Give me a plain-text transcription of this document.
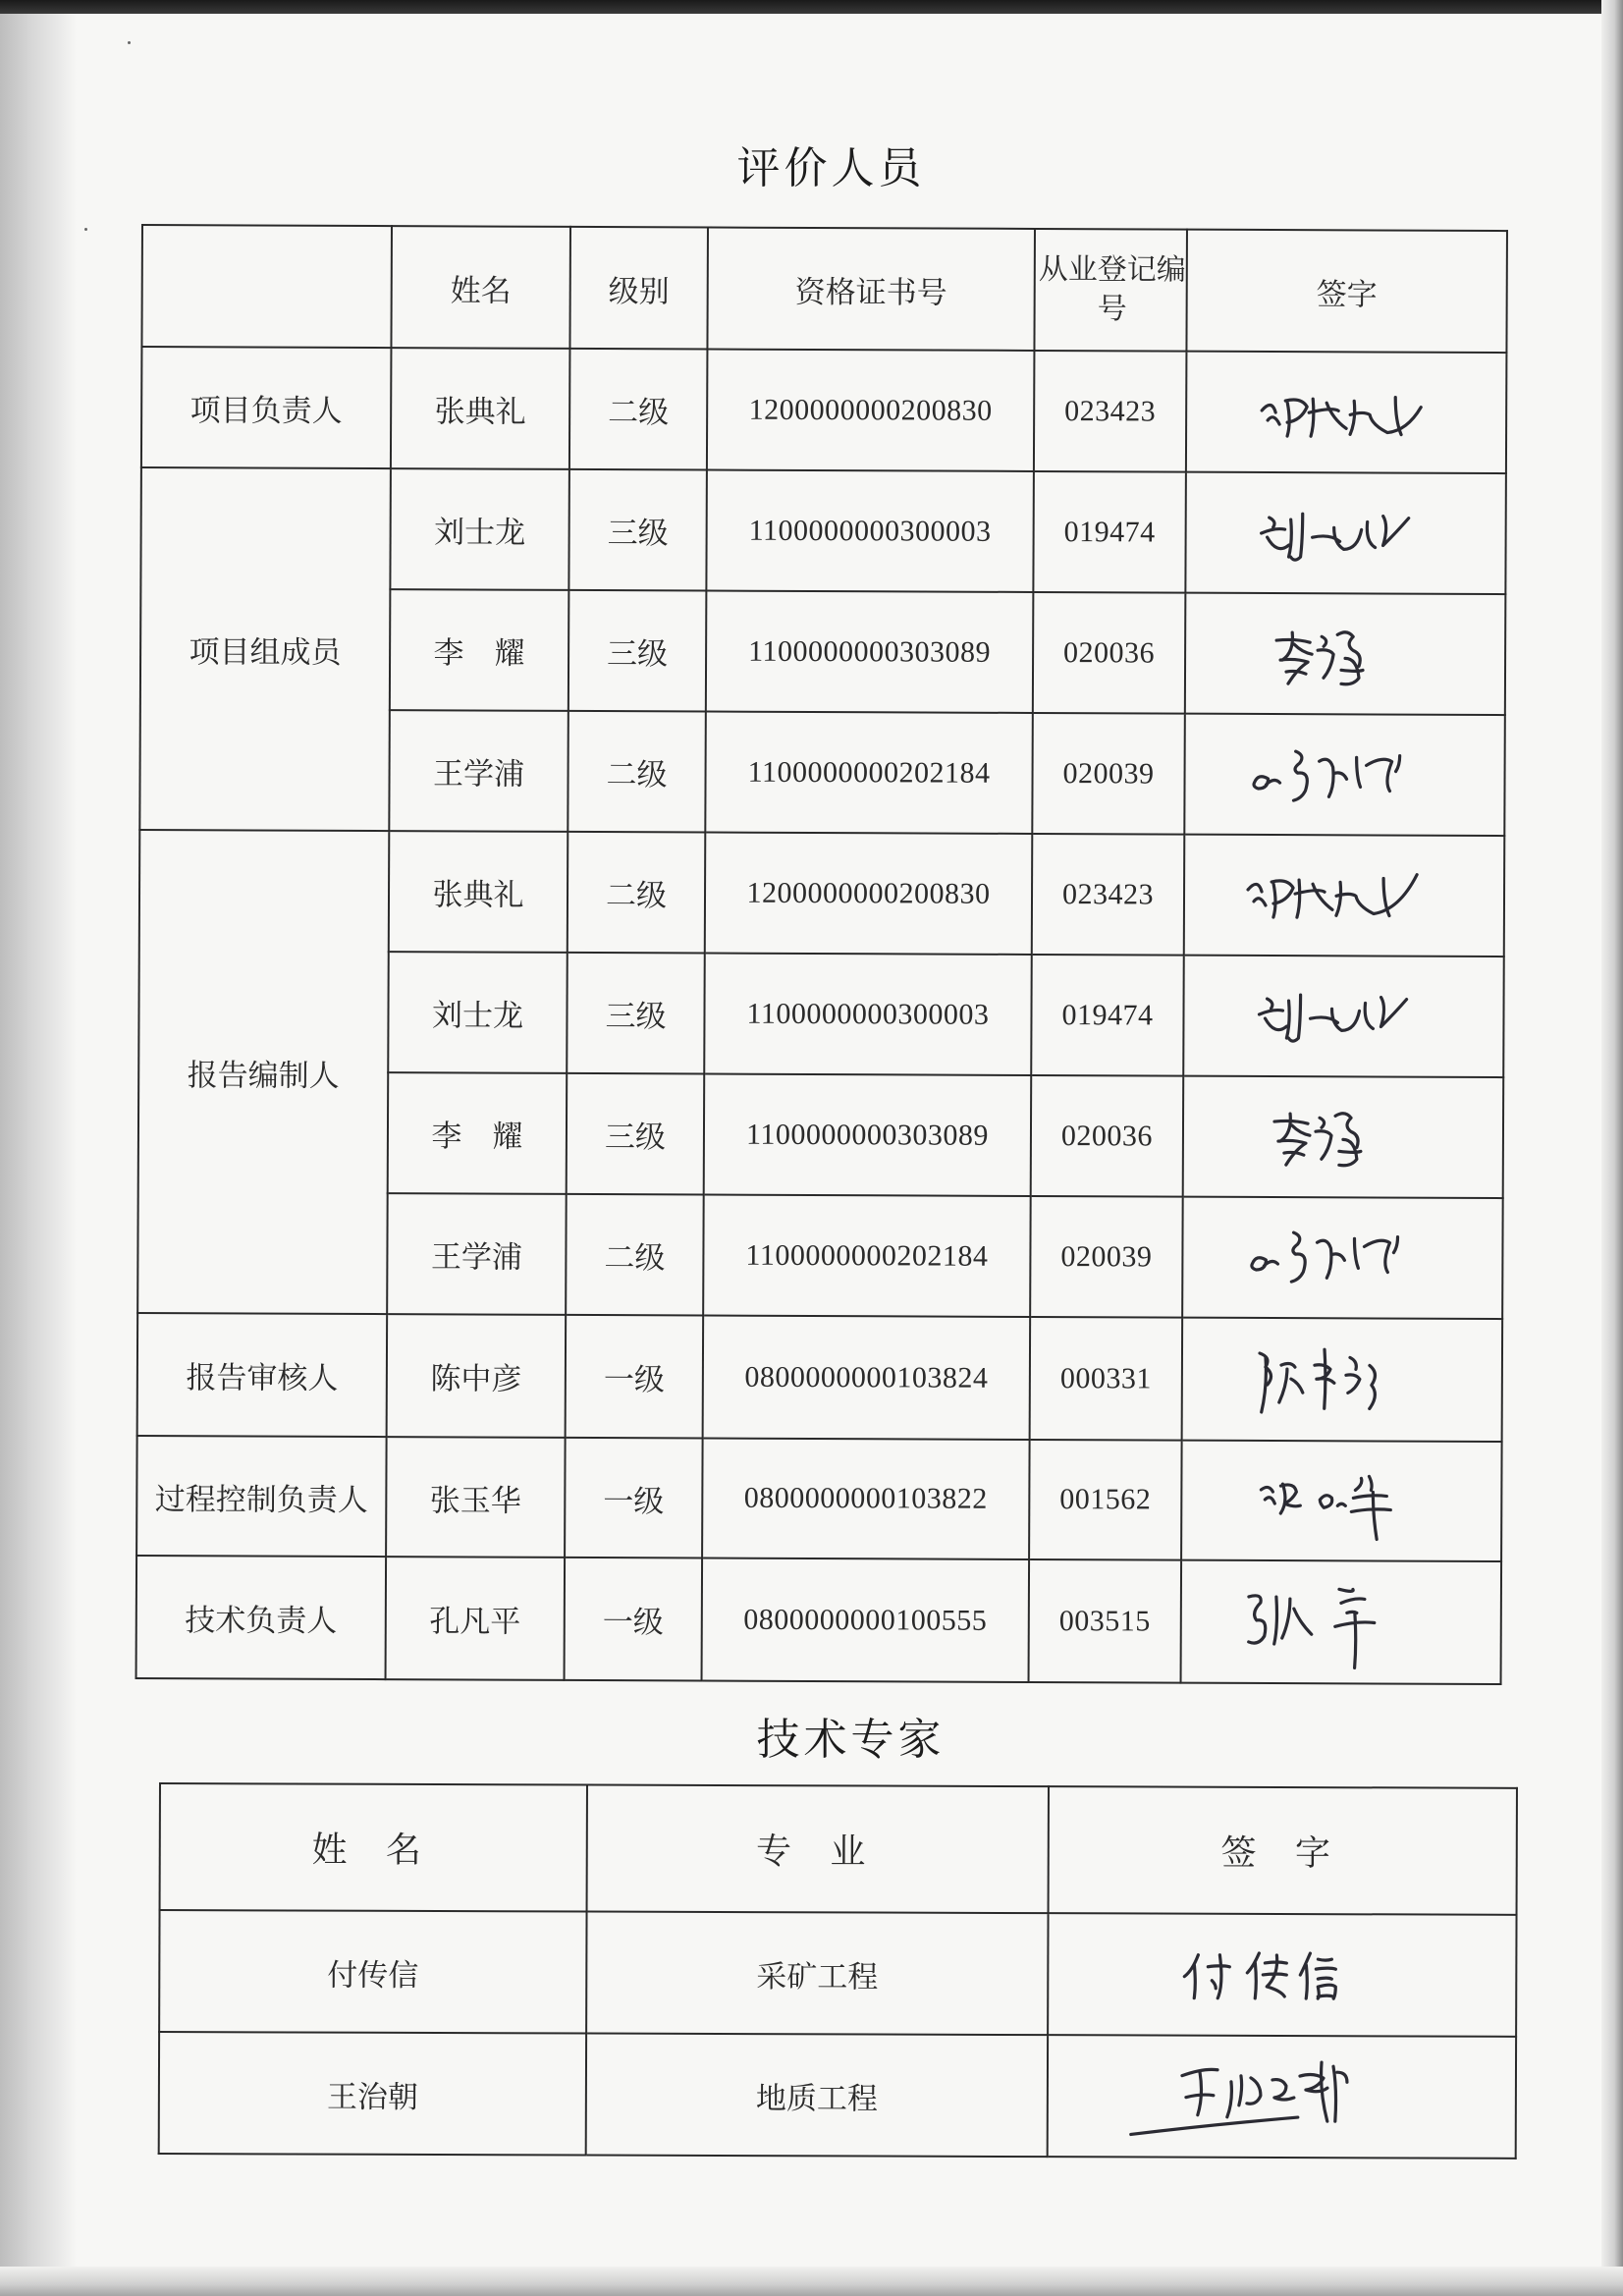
评价人员
	姓名	级别	资格证书号	从业登记编号	签字
项目负责人	张典礼	二级	1200000000200830	023423	

项目组成员	刘士龙	三级	1100000000300003	019474	

	李　耀	三级	1100000000303089	020036	

	王学浦	二级	1100000000202184	020039	

报告编制人	张典礼	二级	1200000000200830	023423	

	刘士龙	三级	1100000000300003	019474	

	李　耀	三级	1100000000303089	020036	

	王学浦	二级	1100000000202184	020039	

报告审核人	陈中彦	一级	0800000000103824	000331	

过程控制负责人	张玉华	一级	0800000000103822	001562	

技术负责人	孔凡平	一级	0800000000100555	003515	
技术专家
姓 名	专 业	签 字
付传信	采矿工程	

王治朝	地质工程	
